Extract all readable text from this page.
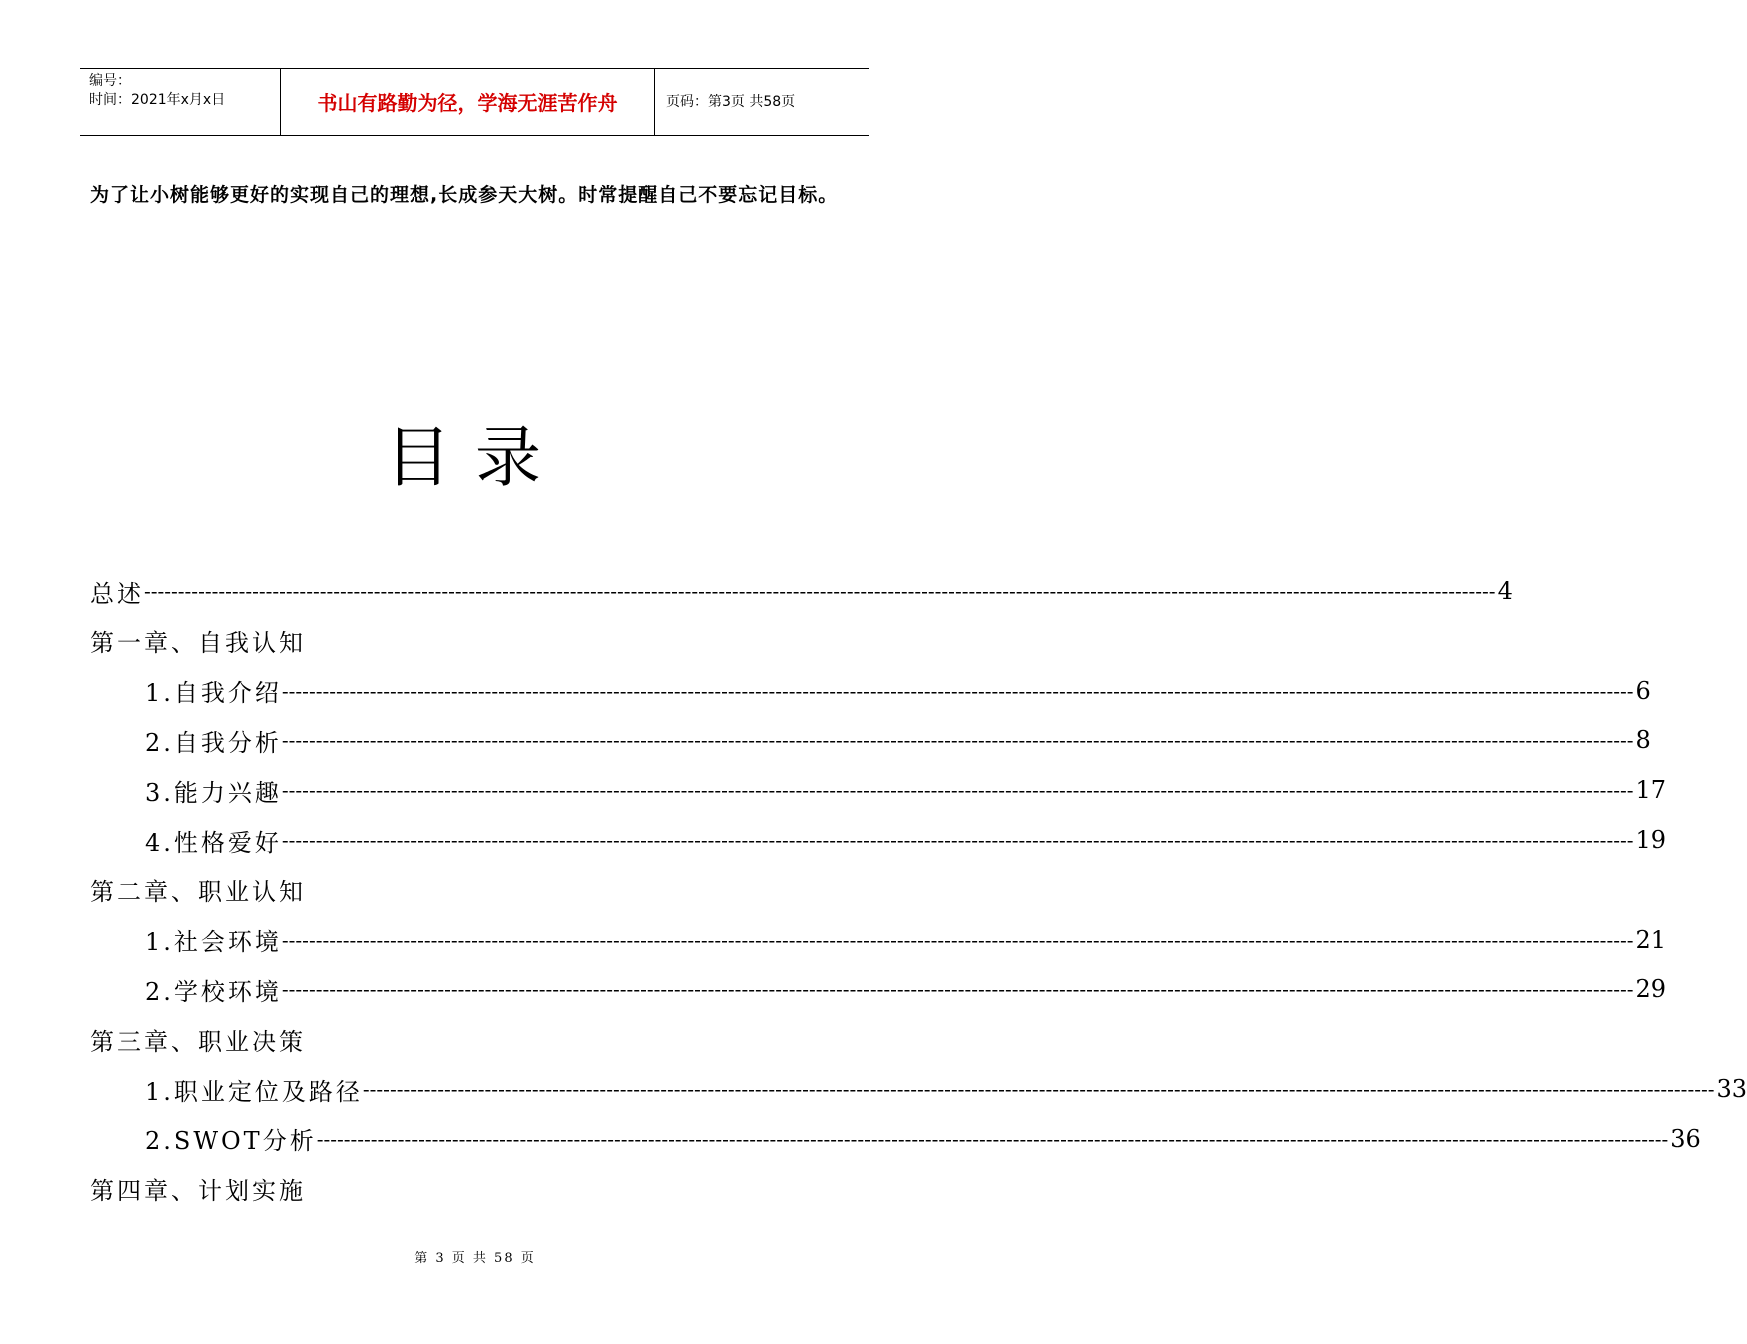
编号：
时间：2021年x月x日	书山有路勤为径，学海无涯苦作舟	页码：第3页 共58页

为了让小树能够更好的实现自己的理想,长成参天大树。时常提醒自己不要忘记目标。

目录
总述 -------------------------------------------------------------------------------------------------------------------------------------------------------------------------------------------------------- 4
第一章、自我认知
1.自我介绍 -------------------------------------------------------------------------------------------------------------------------------------------------------------------------------------------------------- 6
2.自我分析 -------------------------------------------------------------------------------------------------------------------------------------------------------------------------------------------------------- 8
3.能力兴趣 -------------------------------------------------------------------------------------------------------------------------------------------------------------------------------------------------------- 17
4.性格爱好 -------------------------------------------------------------------------------------------------------------------------------------------------------------------------------------------------------- 19
第二章、职业认知
1.社会环境 -------------------------------------------------------------------------------------------------------------------------------------------------------------------------------------------------------- 21
2.学校环境 -------------------------------------------------------------------------------------------------------------------------------------------------------------------------------------------------------- 29
第三章、职业决策
1.职业定位及路径 -------------------------------------------------------------------------------------------------------------------------------------------------------------------------------------------------------- 33
2.SWOT分析 -------------------------------------------------------------------------------------------------------------------------------------------------------------------------------------------------------- 36
第四章、计划实施
第 3 页 共 58 页
